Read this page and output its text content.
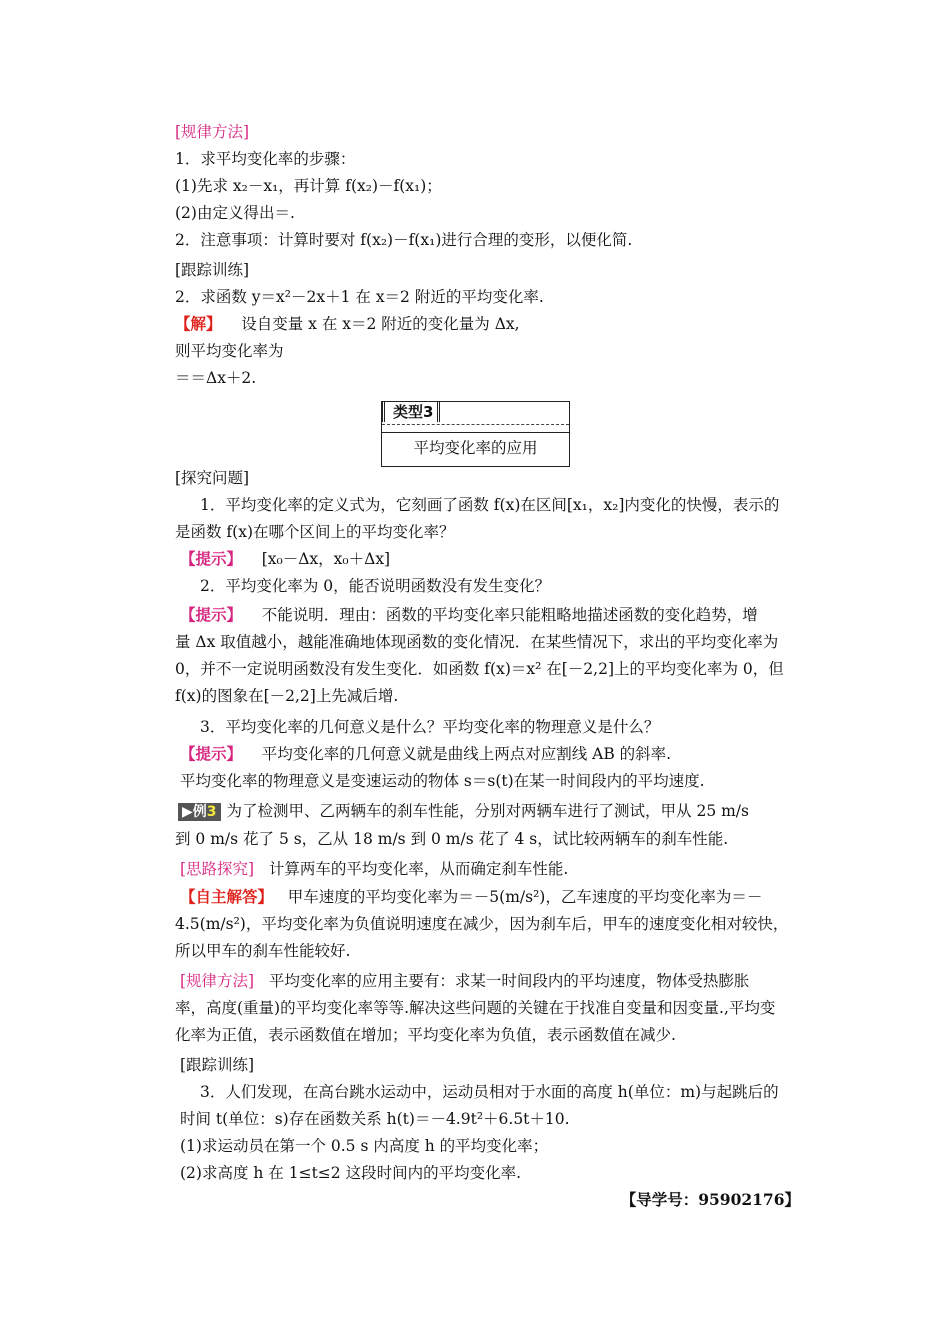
[规律方法]
1．求平均变化率的步骤：
(1)先求 x₂－x₁，再计算 f(x₂)－f(x₁)；
(2)由定义得出＝.
2．注意事项：计算时要对 f(x₂)－f(x₁)进行合理的变形，以便化简.
[跟踪训练]
2．求函数 y＝x²－2x＋1 在 x＝2 附近的平均变化率.
【解】 设自变量 x 在 x＝2 附近的变化量为 Δx,
则平均变化率为
＝＝Δx＋2.
类型3
平均变化率的应用
[探究问题]
1．平均变化率的定义式为，它刻画了函数 f(x)在区间[x₁，x₂]内变化的快慢，表示的
是函数 f(x)在哪个区间上的平均变化率？
【提示】 [x₀－Δx，x₀＋Δx]
2．平均变化率为 0，能否说明函数没有发生变化？
【提示】 不能说明．理由：函数的平均变化率只能粗略地描述函数的变化趋势，增
量 Δx 取值越小，越能准确地体现函数的变化情况．在某些情况下，求出的平均变化率为
0，并不一定说明函数没有发生变化．如函数 f(x)＝x² 在[－2,2]上的平均变化率为 0，但
f(x)的图象在[－2,2]上先减后增.
3．平均变化率的几何意义是什么？平均变化率的物理意义是什么？
【提示】 平均变化率的几何意义就是曲线上两点对应割线 AB 的斜率.
平均变化率的物理意义是变速运动的物体 s＝s(t)在某一时间段内的平均速度.
▶例3 为了检测甲、乙两辆车的刹车性能，分别对两辆车进行了测试，甲从 25 m/s
到 0 m/s 花了 5 s，乙从 18 m/s 到 0 m/s 花了 4 s，试比较两辆车的刹车性能.
[思路探究] 计算两车的平均变化率，从而确定刹车性能.
【自主解答】 甲车速度的平均变化率为＝－5(m/s²)，乙车速度的平均变化率为＝－
4.5(m/s²)，平均变化率为负值说明速度在减少，因为刹车后，甲车的速度变化相对较快，
所以甲车的刹车性能较好.
[规律方法] 平均变化率的应用主要有：求某一时间段内的平均速度，物体受热膨胀
率，高度(重量)的平均变化率等等.解决这些问题的关键在于找准自变量和因变量.,平均变
化率为正值，表示函数值在增加；平均变化率为负值，表示函数值在减少.
[跟踪训练]
3．人们发现，在高台跳水运动中，运动员相对于水面的高度 h(单位：m)与起跳后的
时间 t(单位：s)存在函数关系 h(t)＝－4.9t²＋6.5t＋10.
(1)求运动员在第一个 0.5 s 内高度 h 的平均变化率；
(2)求高度 h 在 1≤t≤2 这段时间内的平均变化率.
【导学号：95902176】
